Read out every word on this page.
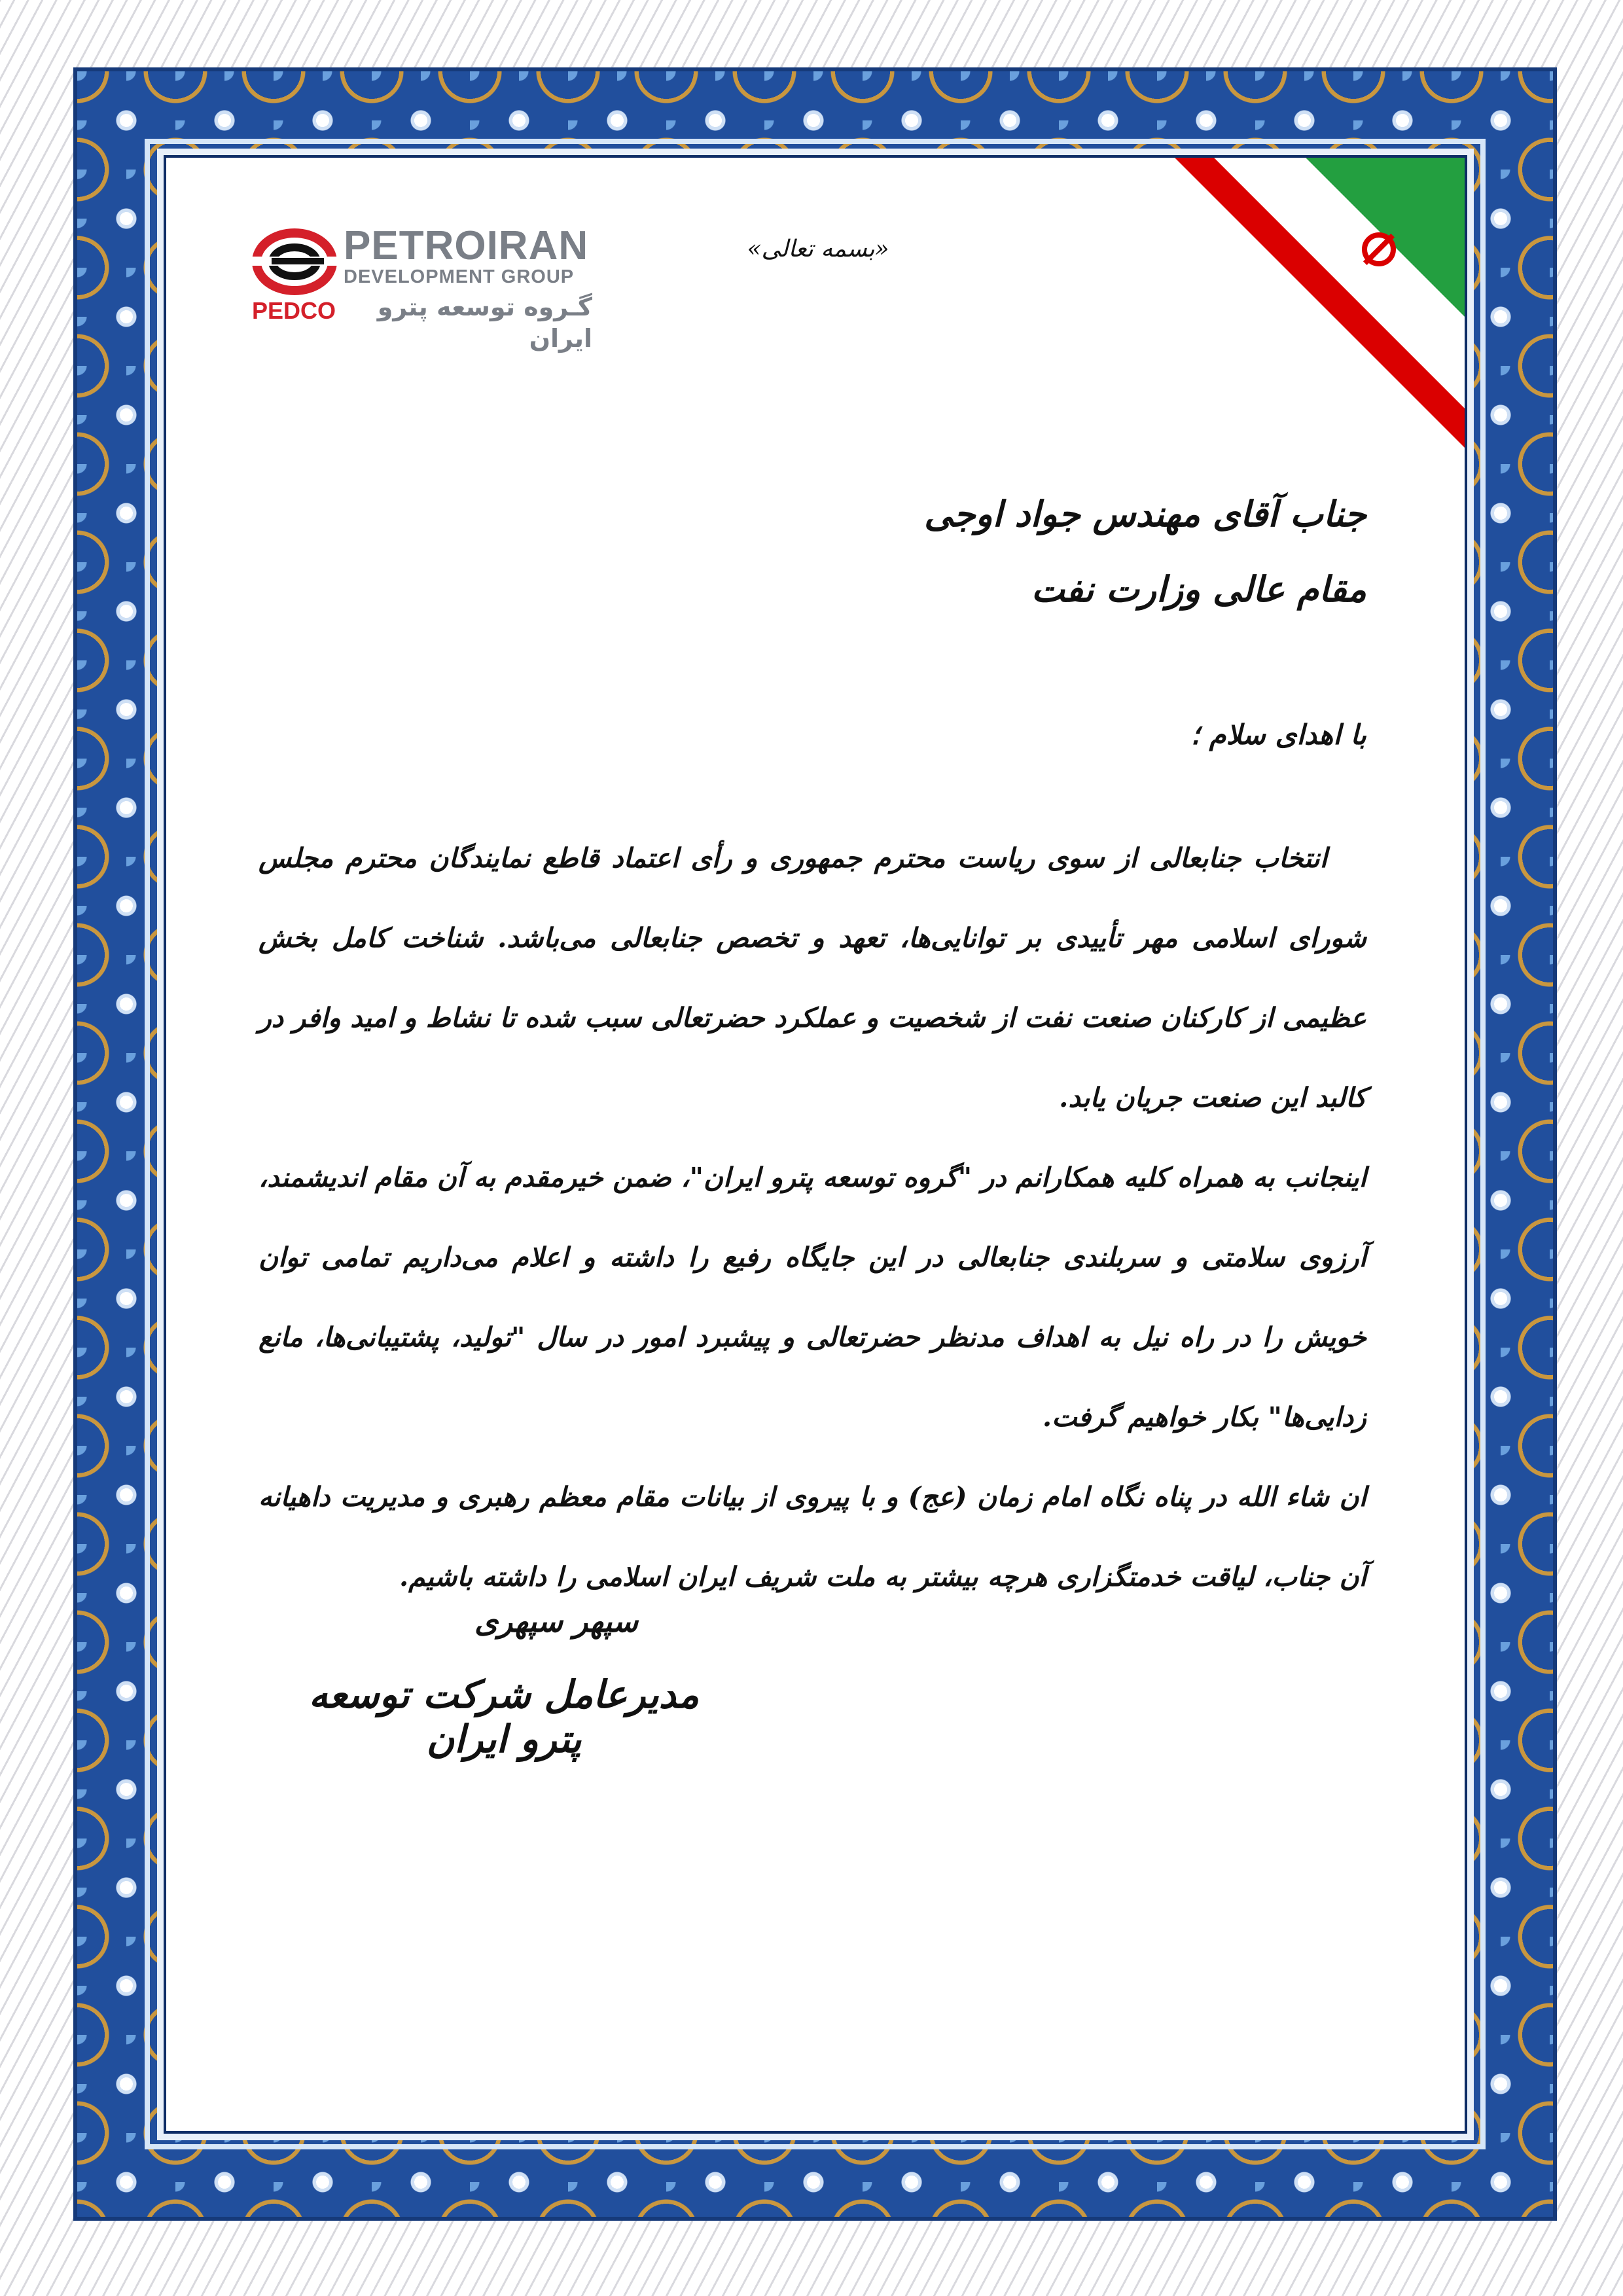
PETROIRAN
DEVELOPMENT GROUP
PEDCO	گـروه توسعه پترو ایران
«بسمه تعالی»
جناب آقای مهندس جواد اوجی
مقام عالی وزارت نفت
با اهدای سلام ؛

انتخاب جنابعالی از سوی ریاست محترم جمهوری و رأی اعتماد قاطع نمایندگان محترم مجلس شورای اسلامی مهر تأییدی بر توانایی‌ها، تعهد و تخصص جنابعالی می‌باشد. شناخت کامل بخش عظیمی از کارکنان صنعت نفت از شخصیت و عملکرد حضرتعالی سبب شده تا نشاط و امید وافر در کالبد این صنعت جریان یابد.

اینجانب به همراه کلیه همکارانم در "گروه توسعه پترو ایران"، ضمن خیرمقدم به آن مقام اندیشمند، آرزوی سلامتی و سربلندی جنابعالی در این جایگاه رفیع را داشته و اعلام می‌داریم تمامی توان خویش را در راه نیل به اهداف مدنظر حضرتعالی و پیشبرد امور در سال "تولید، پشتیبانی‌ها، مانع زدایی‌ها" بکار خواهیم گرفت.

ان شاء الله در پناه نگاه امام زمان (عج) و با پیروی از بیانات مقام معظم رهبری و مدیریت داهیانه آن جناب، لیاقت خدمتگزاری هرچه بیشتر به ملت شریف ایران اسلامی را داشته باشیم.

سپهر سپهری
مدیرعامل شرکت توسعه پترو ایران
